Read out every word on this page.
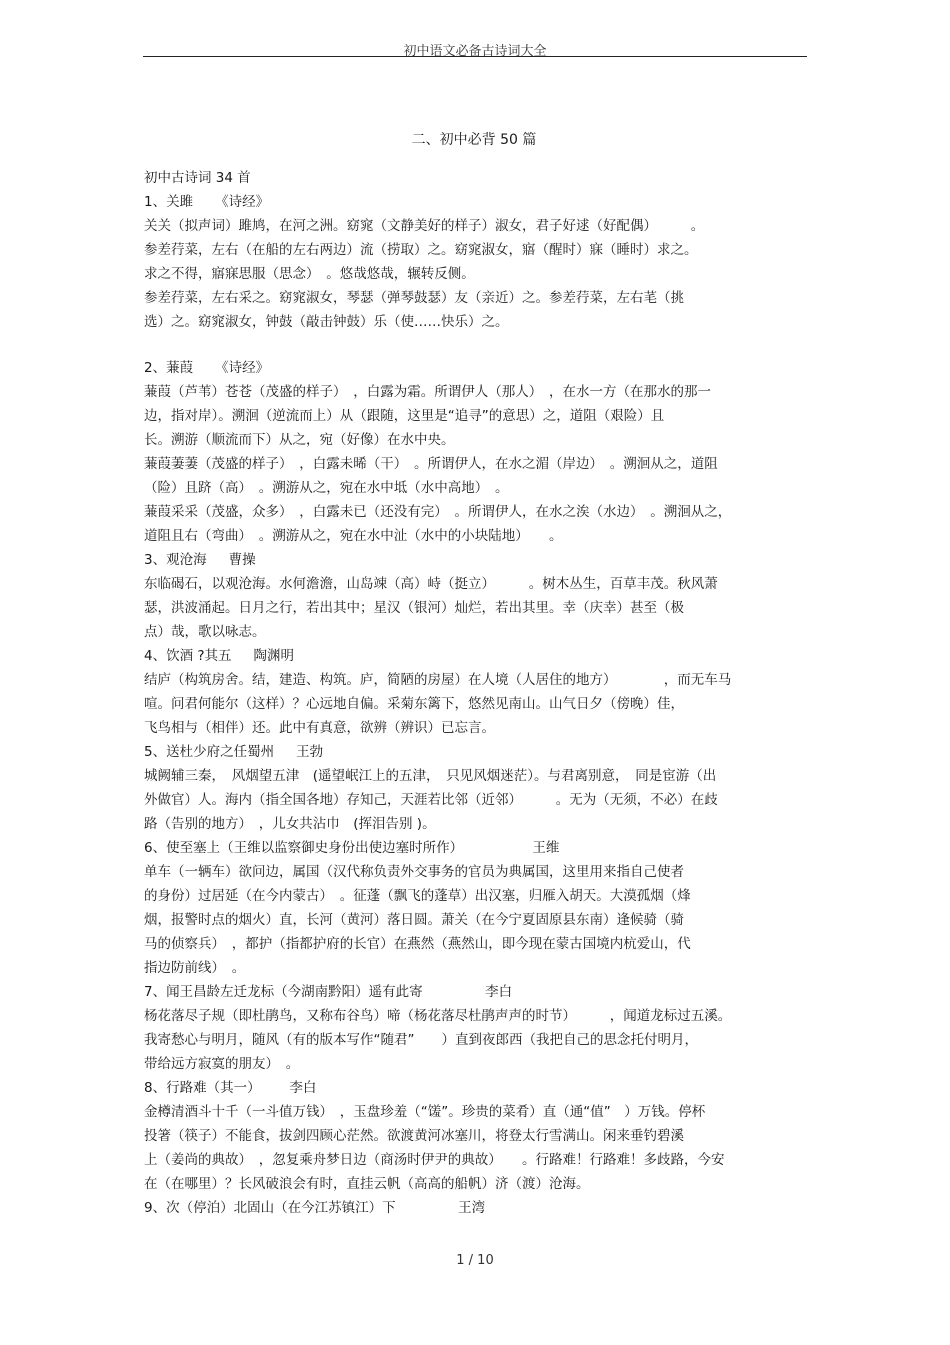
初中语文必备古诗词大全
二、初中必背 50 篇
初中古诗词 34 首
1、关雎 《诗经》
关关（拟声词）雎鸠，在河之洲。窈窕（文静美好的样子）淑女，君子好逑（好配偶）　　　。
参差荇菜，左右（在船的左右两边）流（捞取）之。窈窕淑女，寤（醒时）寐（睡时）求之。
求之不得，寤寐思服（思念）　。悠哉悠哉，辗转反侧。
参差荇菜，左右采之。窈窕淑女，琴瑟（弹琴鼓瑟）友（亲近）之。参差荇菜，左右芼（挑
选）之。窈窕淑女，钟鼓（敲击钟鼓）乐（使……快乐）之。
2、蒹葭 《诗经》
蒹葭（芦苇）苍苍（茂盛的样子）　，白露为霜。所谓伊人（那人）　，在水一方（在那水的那一
边，指对岸）。溯洄（逆流而上）从（跟随，这里是“追寻”的意思）之，道阻（艰险）且
长。溯游（顺流而下）从之，宛（好像）在水中央。
蒹葭萋萋（茂盛的样子）　，白露未晞（干）　。所谓伊人，在水之湄（岸边）　。溯洄从之，道阻
（险）且跻（高）　。溯游从之，宛在水中坻（水中高地）　。
蒹葭采采（茂盛，众多）　，白露未已（还没有完）　。所谓伊人，在水之涘（水边）　。溯洄从之，
道阻且右（弯曲）　。溯游从之，宛在水中沚（水中的小块陆地）　　。
3、观沧海 曹操
东临碣石，以观沧海。水何澹澹，山岛竦（高）峙（挺立）　　　。树木丛生，百草丰茂。秋风萧
瑟，洪波涌起。日月之行，若出其中；星汉（银河）灿烂，若出其里。幸（庆幸）甚至（极
点）哉，歌以咏志。
4、饮酒 ?其五 陶渊明
结庐（构筑房舍。结，建造、构筑。庐，简陋的房屋）在人境（人居住的地方）　　　　，而无车马
喧。问君何能尔（这样）？心远地自偏。采菊东篱下，悠然见南山。山气日夕（傍晚）佳，
飞鸟相与（相伴）还。此中有真意，欲辨（辨识）已忘言。
5、送杜少府之任蜀州 王勃
城阙辅三秦，　风烟望五津　(遥望岷江上的五津，　只见风烟迷茫）。与君离别意，　同是宦游（出
外做官）人。海内（指全国各地）存知己，天涯若比邻（近邻）　　　。无为（无须，不必）在歧
路（告别的地方）　，儿女共沾巾　(挥泪告别 )。
6、使至塞上（王维以监察御史身份出使边塞时所作）　　　　王维
单车（一辆车）欲问边，属国（汉代称负责外交事务的官员为典属国，这里用来指自己使者
的身份）过居延（在今内蒙古）　。征蓬（飘飞的蓬草）出汉塞，归雁入胡天。大漠孤烟（烽
烟，报警时点的烟火）直，长河（黄河）落日圆。萧关（在今宁夏固原县东南）逢候骑（骑
马的侦察兵）　，都护（指都护府的长官）在燕然（燕然山，即今现在蒙古国境内杭爱山，代
指边防前线）　。
7、闻王昌龄左迁龙标（今湖南黔阳）遥有此寄　　　李白
杨花落尽子规（即杜鹃鸟，又称布谷鸟）啼（杨花落尽杜鹃声声的时节）　　　，闻道龙标过五溪。
我寄愁心与明月，随风（有的版本写作“随君”　　）直到夜郎西（我把自己的思念托付明月，
带给远方寂寞的朋友）　。
8、行路难（其一）　李白
金樽清酒斗十千（一斗值万钱）　，玉盘珍羞（“馐”。珍贵的菜肴）直（通“值”　）万钱。停杯
投箸（筷子）不能食，拔剑四顾心茫然。欲渡黄河冰塞川，将登太行雪满山。闲来垂钓碧溪
上（姜尚的典故）　，忽复乘舟梦日边（商汤时伊尹的典故）　　。行路难！行路难！多歧路，今安
在（在哪里）？长风破浪会有时，直挂云帆（高高的船帆）济（渡）沧海。
9、次（停泊）北固山（在今江苏镇江）下　　　王湾
1 / 10
